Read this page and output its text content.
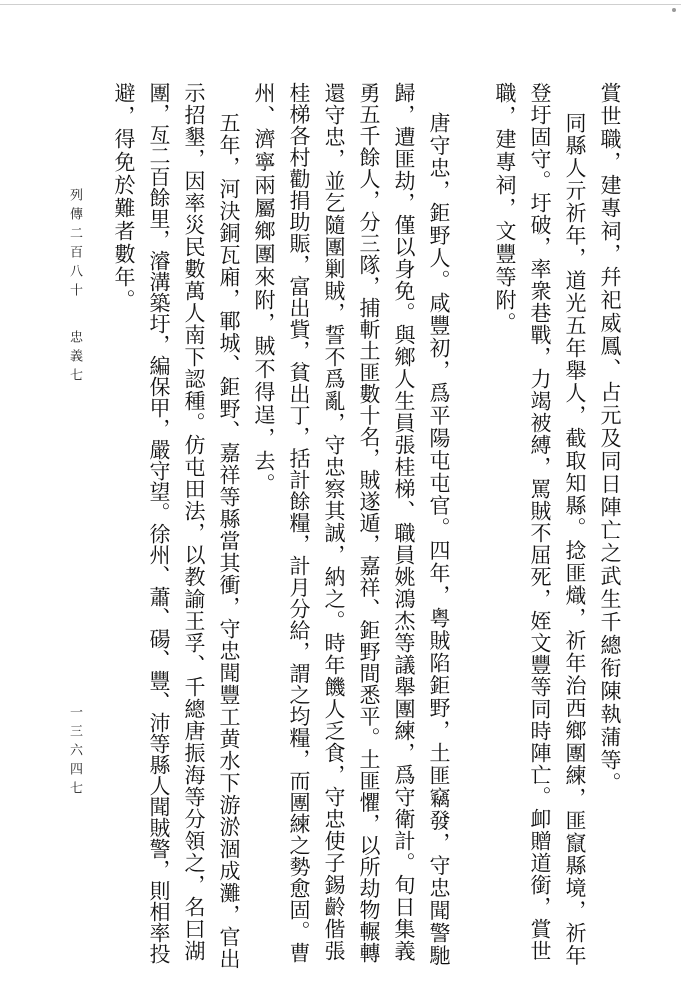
賞世職，建專祠，幷祀威鳳、占元及同日陣亡之武生千總衔陳執蒲等。
同縣人亓祈年，道光五年舉人，截取知縣。捻匪熾，祈年治西鄉團練，匪竄縣境，祈年
登圩固守。圩破，率衆巷戰，力竭被縛，罵賊不屈死，姪文豐等同時陣亡。卹贈道銜，賞世
職，建專祠，文豐等附。
唐守忠，鉅野人。咸豐初，爲平陽屯屯官。四年，粤賊陷鉅野，土匪竊發，守忠聞警馳
歸，遭匪劫，僅以身免。與鄉人生員張桂梯、職員姚鴻杰等議舉團練，爲守衛計。旬日集義
勇五千餘人，分三隊，捕斬土匪數十名，賊遂遁，嘉祥、鉅野間悉平。土匪懼，以所劫物輾轉
還守忠，並乞隨團剿賊，誓不爲亂，守忠察其誠，納之。時年饑人乏食，守忠使子錫齡偕張
桂梯各村勸捐助賑，富出貲，貧出丁，括計餘糧，計月分給，謂之均糧，而團練之勢愈固。曹
州、濟寧兩屬鄉團來附，賊不得逞，去。
五年，河決銅瓦廂，鄆城、鉅野、嘉祥等縣當其衝，守忠聞豐工黄水下游淤涸成灘，官出
示招墾，因率災民數萬人南下認種。仿屯田法，以教諭王孚、千總唐振海等分領之，名曰湖
團，亙二百餘里，濬溝築圩，編保甲，嚴守望。徐州、蕭、碭、豐、沛等縣人聞賊警，則相率投
避，得免於難者數年。
列傳二百八十
忠義七
一三六四七
